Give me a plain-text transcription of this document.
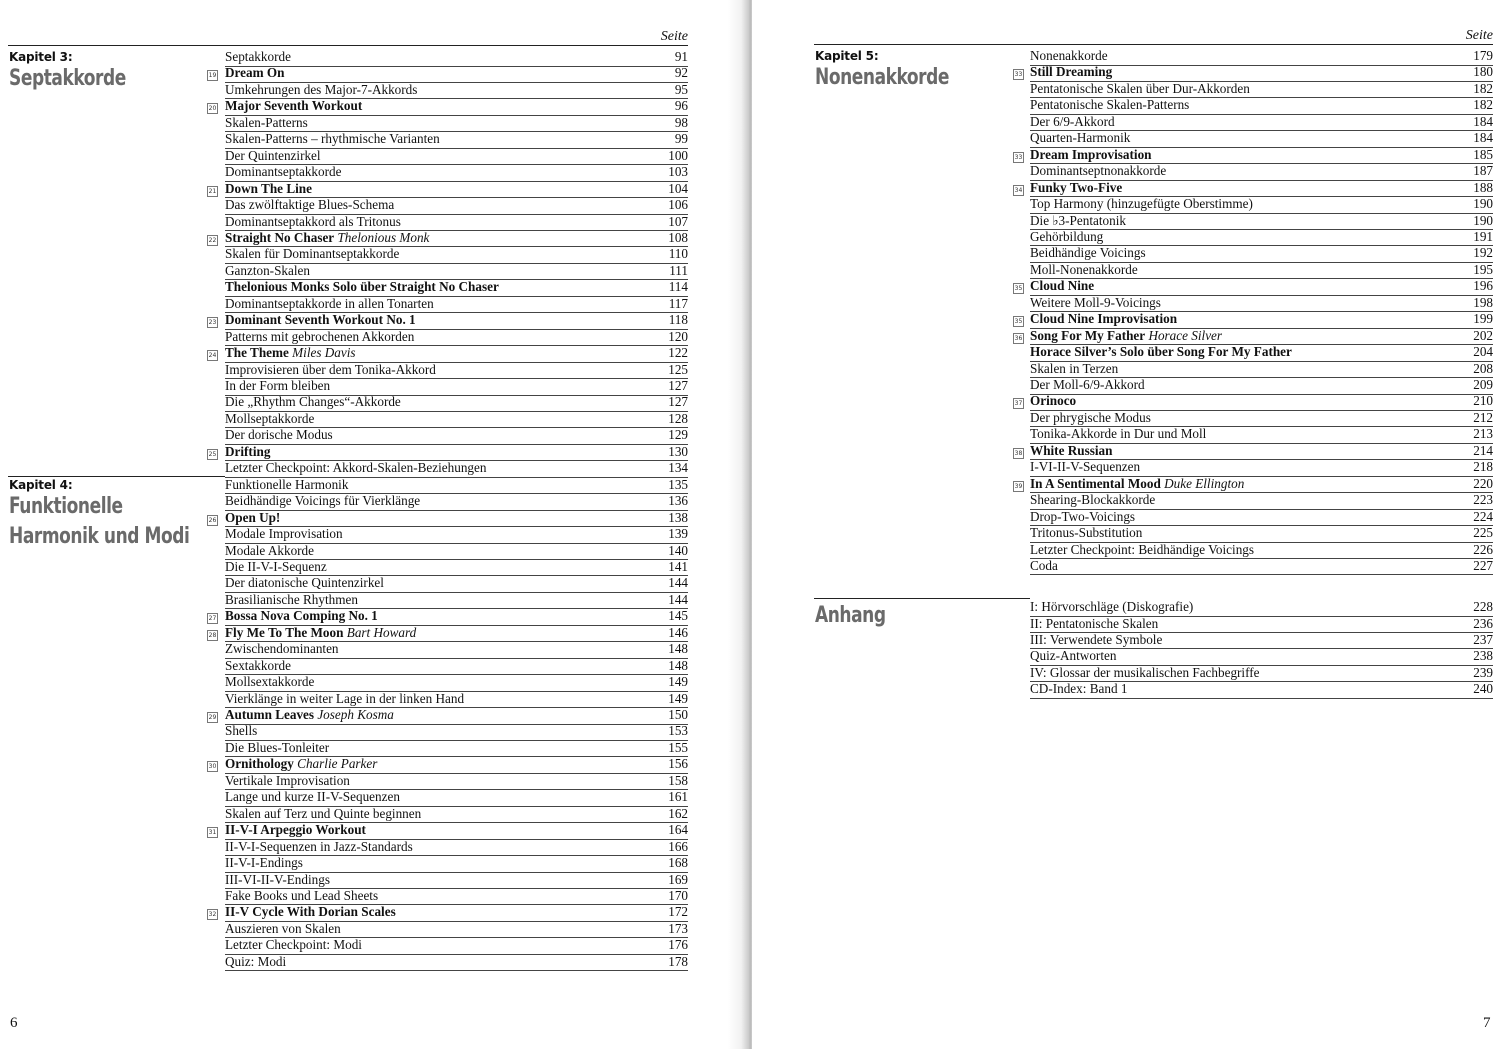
Seite
Kapitel 3:
Septakkorde
Septakkorde	91
19 Dream On	92
Umkehrungen des Major-7-Akkords	95
20 Major Seventh Workout	96
Skalen-Patterns	98
Skalen-Patterns – rhythmische Varianten	99
Der Quintenzirkel	100
Dominantseptakkorde	103
21 Down The Line	104
Das zwölftaktige Blues-Schema	106
Dominantseptakkord als Tritonus	107
22 Straight No Chaser Thelonious Monk	108
Skalen für Dominantseptakkorde	110
Ganzton-Skalen	111
Thelonious Monks Solo über Straight No Chaser	114
Dominantseptakkorde in allen Tonarten	117
23 Dominant Seventh Workout No. 1	118
Patterns mit gebrochenen Akkorden	120
24 The Theme Miles Davis	122
Improvisieren über dem Tonika-Akkord	125
In der Form bleiben	127
Die „Rhythm Changes“-Akkorde	127
Mollseptakkorde	128
Der dorische Modus	129
25 Drifting	130
Letzter Checkpoint: Akkord-Skalen-Beziehungen	134
Kapitel 4:
Funktionelle
Harmonik und Modi
Funktionelle Harmonik	135
Beidhändige Voicings für Vierklänge	136
26 Open Up!	138
Modale Improvisation	139
Modale Akkorde	140
Die II-V-I-Sequenz	141
Der diatonische Quintenzirkel	144
Brasilianische Rhythmen	144
27 Bossa Nova Comping No. 1	145
28 Fly Me To The Moon Bart Howard	146
Zwischendominanten	148
Sextakkorde	148
Mollsextakkorde	149
Vierklänge in weiter Lage in der linken Hand	149
29 Autumn Leaves Joseph Kosma	150
Shells	153
Die Blues-Tonleiter	155
30 Ornithology Charlie Parker	156
Vertikale Improvisation	158
Lange und kurze II-V-Sequenzen	161
Skalen auf Terz und Quinte beginnen	162
31 II-V-I Arpeggio Workout	164
II-V-I-Sequenzen in Jazz-Standards	166
II-V-I-Endings	168
III-VI-II-V-Endings	169
Fake Books und Lead Sheets	170
32 II-V Cycle With Dorian Scales	172
Auszieren von Skalen	173
Letzter Checkpoint: Modi	176
Quiz: Modi	178
6
Seite
Kapitel 5:
Nonenakkorde
Nonenakkorde	179
33 Still Dreaming	180
Pentatonische Skalen über Dur-Akkorden	182
Pentatonische Skalen-Patterns	182
Der 6/9-Akkord	184
Quarten-Harmonik	184
33 Dream Improvisation	185
Dominantseptnonakkorde	187
34 Funky Two-Five	188
Top Harmony (hinzugefügte Oberstimme)	190
Die ♭3-Pentatonik	190
Gehörbildung	191
Beidhändige Voicings	192
Moll-Nonenakkorde	195
35 Cloud Nine	196
Weitere Moll-9-Voicings	198
35 Cloud Nine Improvisation	199
36 Song For My Father Horace Silver	202
Horace Silver’s Solo über Song For My Father	204
Skalen in Terzen	208
Der Moll-6/9-Akkord	209
37 Orinoco	210
Der phrygische Modus	212
Tonika-Akkorde in Dur und Moll	213
38 White Russian	214
I-VI-II-V-Sequenzen	218
39 In A Sentimental Mood Duke Ellington	220
Shearing-Blockakkorde	223
Drop-Two-Voicings	224
Tritonus-Substitution	225
Letzter Checkpoint: Beidhändige Voicings	226
Coda	227
Anhang	I: Hörvorschläge (Diskografie)	228
II: Pentatonische Skalen	236
III: Verwendete Symbole	237
Quiz-Antworten	238
IV: Glossar der musikalischen Fachbegriffe	239
CD-Index: Band 1	240
7
